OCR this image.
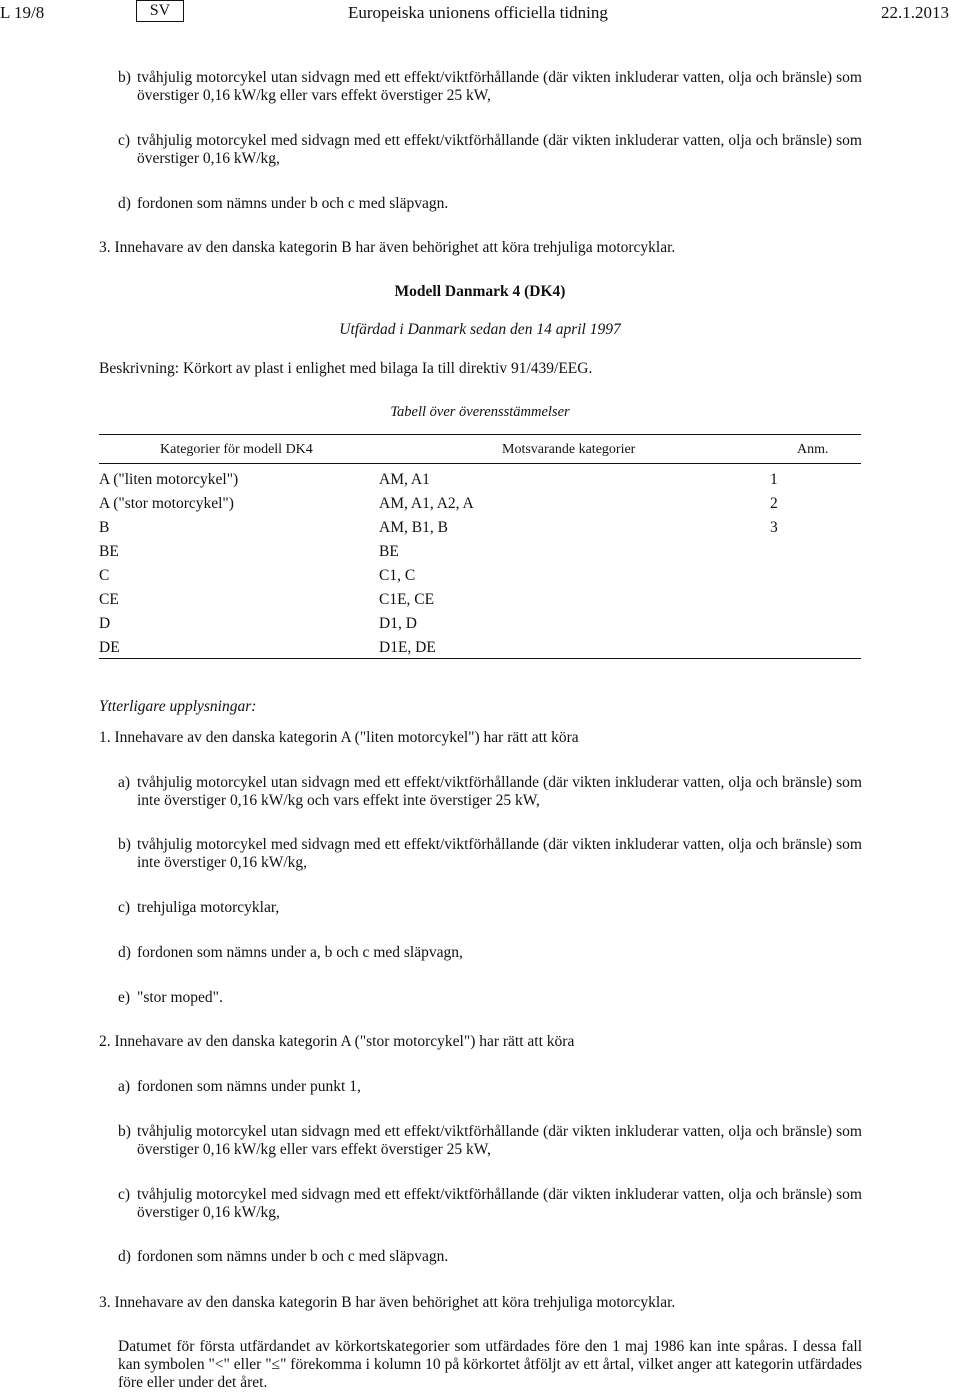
L 19/8	SV	Europeiska unionens officiella tidning	22.1.2013
b) tvåhjulig motorcykel utan sidvagn med ett effekt/viktförhållande (där vikten inkluderar vatten, olja och bränsle) som överstiger 0,16 kW/kg eller vars effekt överstiger 25 kW,
c) tvåhjulig motorcykel med sidvagn med ett effekt/viktförhållande (där vikten inkluderar vatten, olja och bränsle) som överstiger 0,16 kW/kg,
d) fordonen som nämns under b och c med släpvagn.
3. Innehavare av den danska kategorin B har även behörighet att köra trehjuliga motorcyklar.
Modell Danmark 4 (DK4)
Utfärdad i Danmark sedan den 14 april 1997
Beskrivning: Körkort av plast i enlighet med bilaga Ia till direktiv 91/439/EEG.
Tabell över överensstämmelser
Kategorier för modell DK4	Motsvarande kategorier	Anm.
A ("liten motorcykel")	AM, A1	1
A ("stor motorcykel")	AM, A1, A2, A	2
B	AM, B1, B	3
BE	BE
C	C1, C
CE	C1E, CE
D	D1, D
DE	D1E, DE
Ytterligare upplysningar:
1. Innehavare av den danska kategorin A ("liten motorcykel") har rätt att köra
a) tvåhjulig motorcykel utan sidvagn med ett effekt/viktförhållande (där vikten inkluderar vatten, olja och bränsle) som inte överstiger 0,16 kW/kg och vars effekt inte överstiger 25 kW,
b) tvåhjulig motorcykel med sidvagn med ett effekt/viktförhållande (där vikten inkluderar vatten, olja och bränsle) som inte överstiger 0,16 kW/kg,
c) trehjuliga motorcyklar,
d) fordonen som nämns under a, b och c med släpvagn,
e) "stor moped".
2. Innehavare av den danska kategorin A ("stor motorcykel") har rätt att köra
a) fordonen som nämns under punkt 1,
b) tvåhjulig motorcykel utan sidvagn med ett effekt/viktförhållande (där vikten inkluderar vatten, olja och bränsle) som överstiger 0,16 kW/kg eller vars effekt överstiger 25 kW,
c) tvåhjulig motorcykel med sidvagn med ett effekt/viktförhållande (där vikten inkluderar vatten, olja och bränsle) som överstiger 0,16 kW/kg,
d) fordonen som nämns under b och c med släpvagn.
3. Innehavare av den danska kategorin B har även behörighet att köra trehjuliga motorcyklar.
Datumet för första utfärdandet av körkortskategorier som utfärdades före den 1 maj 1986 kan inte spåras. I dessa fall kan symbolen "<" eller "≤" förekomma i kolumn 10 på körkortet åtföljt av ett årtal, vilket anger att kategorin utfärdades före eller under det året.
